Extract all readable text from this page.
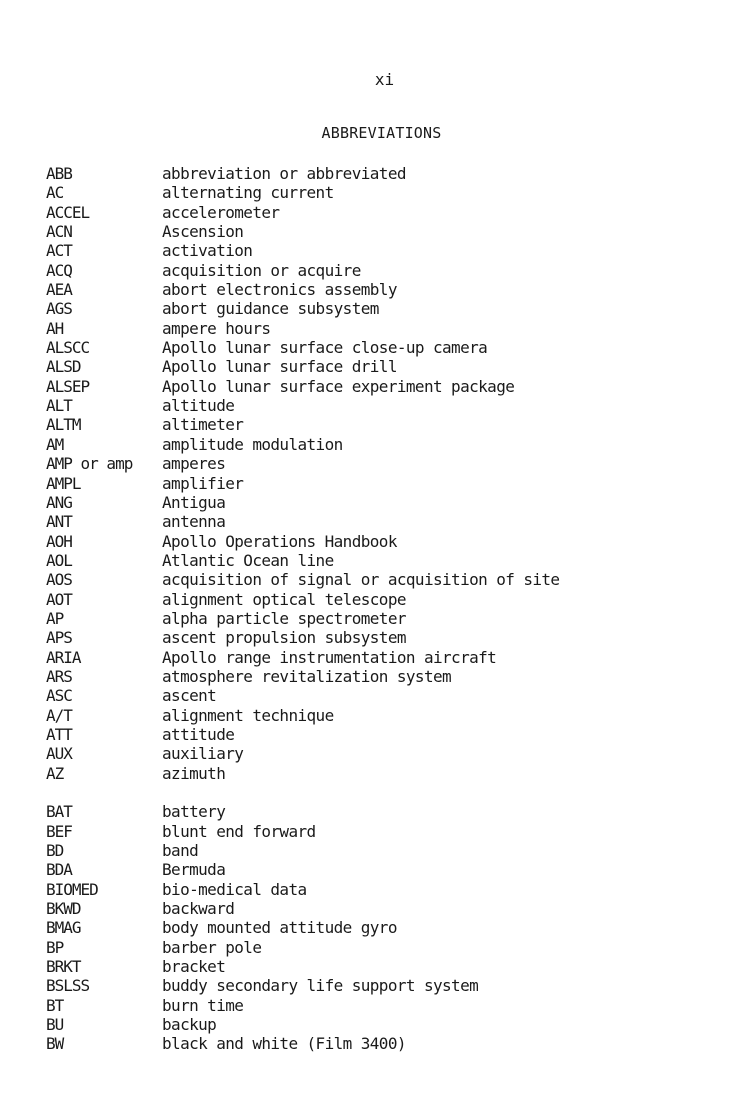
xi
ABBREVIATIONS
ABB	abbreviation or abbreviated
AC	alternating current
ACCEL	accelerometer
ACN	Ascension
ACT	activation
ACQ	acquisition or acquire
AEA	abort electronics assembly
AGS	abort guidance subsystem
AH	ampere hours
ALSCC	Apollo lunar surface close-up camera
ALSD	Apollo lunar surface drill
ALSEP	Apollo lunar surface experiment package
ALT	altitude
ALTM	altimeter
AM	amplitude modulation
AMP or amp	amperes
AMPL	amplifier
ANG	Antigua
ANT	antenna
AOH	Apollo Operations Handbook
AOL	Atlantic Ocean line
AOS	acquisition of signal or acquisition of site
AOT	alignment optical telescope
AP	alpha particle spectrometer
APS	ascent propulsion subsystem
ARIA	Apollo range instrumentation aircraft
ARS	atmosphere revitalization system
ASC	ascent
A/T	alignment technique
ATT	attitude
AUX	auxiliary
AZ	azimuth
BAT	battery
BEF	blunt end forward
BD	band
BDA	Bermuda
BIOMED	bio-medical data
BKWD	backward
BMAG	body mounted attitude gyro
BP	barber pole
BRKT	bracket
BSLSS	buddy secondary life support system
BT	burn time
BU	backup
BW	black and white (Film 3400)
